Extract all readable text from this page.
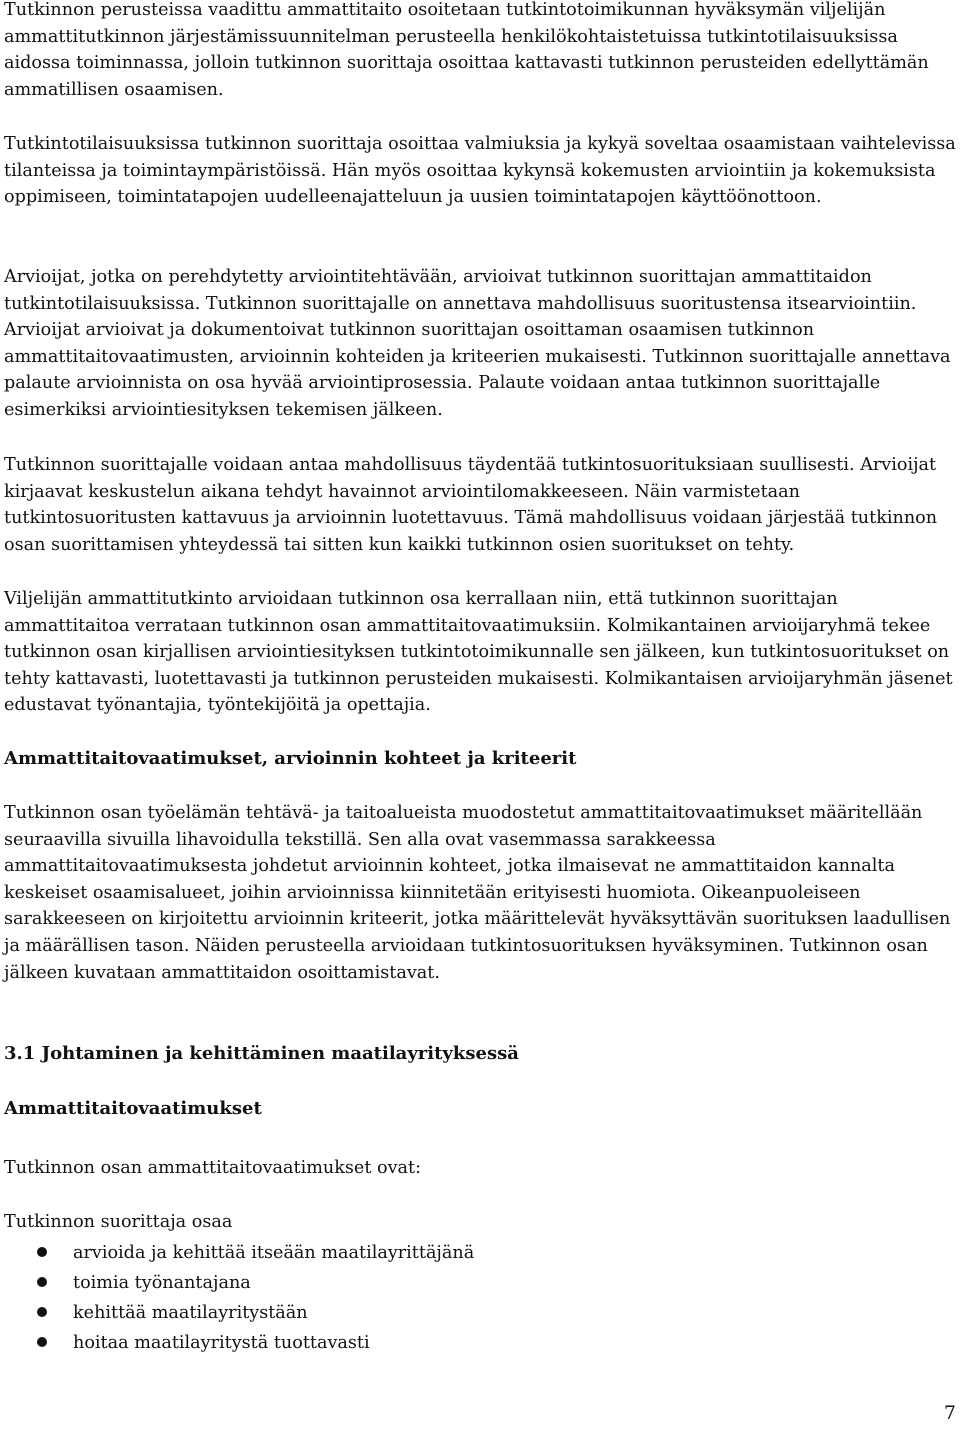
Tutkinnon perusteissa vaadittu ammattitaito osoitetaan tutkintotoimikunnan hyväksymän viljelijän ammattitutkinnon järjestämissuunnitelman perusteella henkilökohtaistetuissa tutkintotilaisuuksissa aidossa toiminnassa, jolloin tutkinnon suorittaja osoittaa kattavasti tutkinnon perusteiden edellyttämän ammatillisen osaamisen.

Tutkintotilaisuuksissa tutkinnon suorittaja osoittaa valmiuksia ja kykyä soveltaa osaamistaan vaihtelevissa tilanteissa ja toimintaympäristöissä. Hän myös osoittaa kykynsä kokemusten arviointiin ja kokemuksista oppimiseen, toimintatapojen uudelleenajatteluun ja uusien toimintatapojen käyttöönottoon.

Arvioijat, jotka on perehdytetty arviointitehtävään, arvioivat tutkinnon suorittajan ammattitaidon tutkintotilaisuuksissa. Tutkinnon suorittajalle on annettava mahdollisuus suoritustensa itsearviointiin. Arvioijat arvioivat ja dokumentoivat tutkinnon suorittajan osoittaman osaamisen tutkinnon ammattitaitovaatimusten, arvioinnin kohteiden ja kriteerien mukaisesti. Tutkinnon suorittajalle annettava palaute arvioinnista on osa hyvää arviointiprosessia. Palaute voidaan antaa tutkinnon suorittajalle esimerkiksi arviointiesityksen tekemisen jälkeen.

Tutkinnon suorittajalle voidaan antaa mahdollisuus täydentää tutkintosuorituksiaan suullisesti. Arvioijat kirjaavat keskustelun aikana tehdyt havainnot arviointilomakkeeseen. Näin varmistetaan tutkintosuoritusten kattavuus ja arvioinnin luotettavuus. Tämä mahdollisuus voidaan järjestää tutkinnon osan suorittamisen yhteydessä tai sitten kun kaikki tutkinnon osien suoritukset on tehty.

Viljelijän ammattitutkinto arvioidaan tutkinnon osa kerrallaan niin, että tutkinnon suorittajan ammattitaitoa verrataan tutkinnon osan ammattitaitovaatimuksiin. Kolmikantainen arvioijaryhmä tekee tutkinnon osan kirjallisen arviointiesityksen tutkintotoimikunnalle sen jälkeen, kun tutkintosuoritukset on tehty kattavasti, luotettavasti ja tutkinnon perusteiden mukaisesti. Kolmikantaisen arvioijaryhmän jäsenet edustavat työnantajia, työntekijöitä ja opettajia.

Ammattitaitovaatimukset, arvioinnin kohteet ja kriteerit

Tutkinnon osan työelämän tehtävä- ja taitoalueista muodostetut ammattitaitovaatimukset määritellään seuraavilla sivuilla lihavoidulla tekstillä. Sen alla ovat vasemmassa sarakkeessa ammattitaitovaatimuksesta johdetut arvioinnin kohteet, jotka ilmaisevat ne ammattitaidon kannalta keskeiset osaamisalueet, joihin arvioinnissa kiinnitetään erityisesti huomiota. Oikeanpuoleiseen sarakkeeseen on kirjoitettu arvioinnin kriteerit, jotka määrittelevät hyväksyttävän suorituksen laadullisen ja määrällisen tason. Näiden perusteella arvioidaan tutkintosuorituksen hyväksyminen. Tutkinnon osan jälkeen kuvataan ammattitaidon osoittamistavat.

3.1 Johtaminen ja kehittäminen maatilayrityksessä

Ammattitaitovaatimukset

Tutkinnon osan ammattitaitovaatimukset ovat:

Tutkinnon suorittaja osaa

arvioida ja kehittää itseään maatilayrittäjänä
toimia työnantajana
kehittää maatilayritystään
hoitaa maatilayritystä tuottavasti
7
